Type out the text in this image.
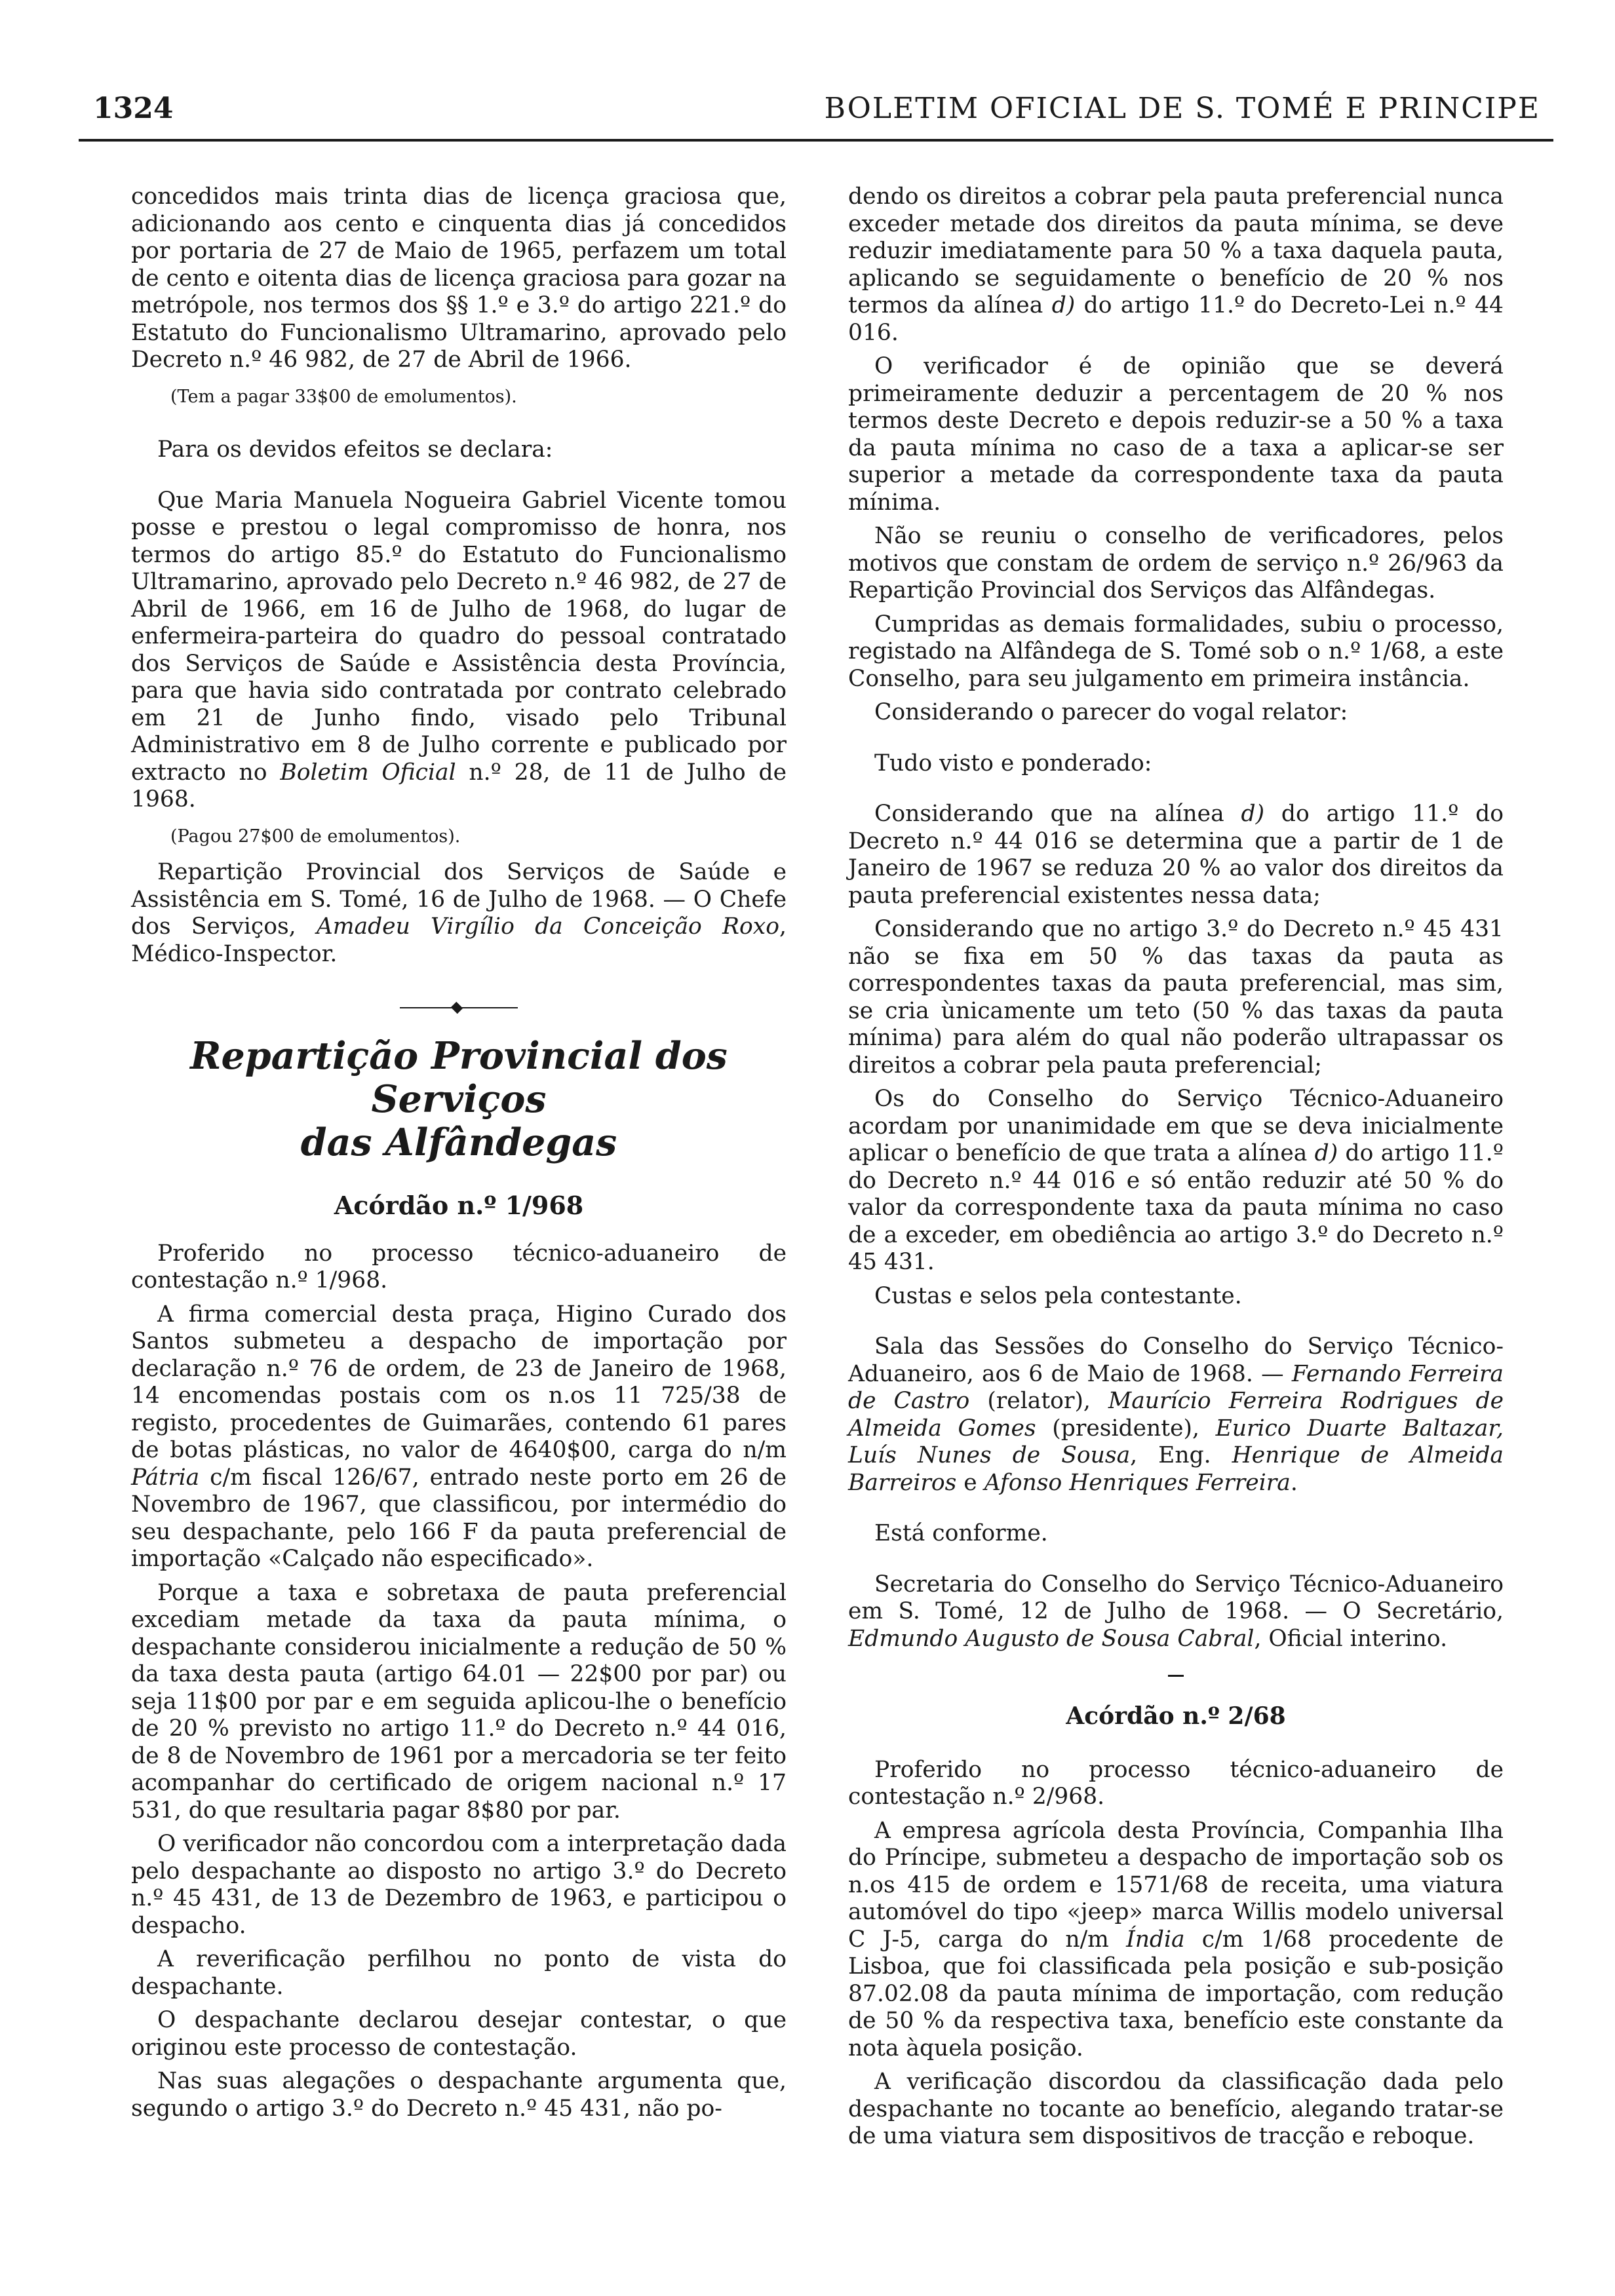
1324	BOLETIM OFICIAL DE S. TOMÉ E PRINCIPE

concedidos mais trinta dias de licença graciosa que, adicionando aos cento e cinquenta dias já concedidos por portaria de 27 de Maio de 1965, perfazem um total de cento e oitenta dias de licença graciosa para gozar na metrópole, nos termos dos §§ 1.º e 3.º do artigo 221.º do Estatuto do Funcionalismo Ultramarino, aprovado pelo Decreto n.º 46 982, de 27 de Abril de 1966.

(Tem a pagar 33$00 de emolumentos).

Para os devidos efeitos se declara:

Que Maria Manuela Nogueira Gabriel Vicente tomou posse e prestou o legal compromisso de honra, nos termos do artigo 85.º do Estatuto do Funcionalismo Ultramarino, aprovado pelo Decreto n.º 46 982, de 27 de Abril de 1966, em 16 de Julho de 1968, do lugar de enfermeira-parteira do quadro do pessoal contratado dos Serviços de Saúde e Assistência desta Província, para que havia sido contratada por contrato celebrado em 21 de Junho findo, visado pelo Tribunal Administrativo em 8 de Julho corrente e publicado por extracto no Boletim Oficial n.º 28, de 11 de Julho de 1968.

(Pagou 27$00 de emolumentos).

Repartição Provincial dos Serviços de Saúde e Assistência em S. Tomé, 16 de Julho de 1968. — O Chefe dos Serviços, Amadeu Virgílio da Conceição Roxo, Médico-Inspector.

Repartição Provincial dos Serviços
das Alfândegas
Acórdão n.º 1/968

Proferido no processo técnico-aduaneiro de contestação n.º 1/968.

A firma comercial desta praça, Higino Curado dos Santos submeteu a despacho de importação por declaração n.º 76 de ordem, de 23 de Janeiro de 1968, 14 encomendas postais com os n.os 11 725/38 de registo, procedentes de Guimarães, contendo 61 pares de botas plásticas, no valor de 4640$00, carga do n/m Pátria c/m fiscal 126/67, entrado neste porto em 26 de Novembro de 1967, que classificou, por intermédio do seu despachante, pelo 166 F da pauta preferencial de importação «Calçado não especificado».

Porque a taxa e sobretaxa de pauta preferencial excediam metade da taxa da pauta mínima, o despachante considerou inicialmente a redução de 50 % da taxa desta pauta (artigo 64.01 — 22$00 por par) ou seja 11$00 por par e em seguida aplicou-lhe o benefício de 20 % previsto no artigo 11.º do Decreto n.º 44 016, de 8 de Novembro de 1961 por a mercadoria se ter feito acompanhar do certificado de origem nacional n.º 17 531, do que resultaria pagar 8$80 por par.

O verificador não concordou com a interpretação dada pelo despachante ao disposto no artigo 3.º do Decreto n.º 45 431, de 13 de Dezembro de 1963, e participou o despacho.

A reverificação perfilhou no ponto de vista do despachante.

O despachante declarou desejar contestar, o que originou este processo de contestação.

Nas suas alegações o despachante argumenta que, segundo o artigo 3.º do Decreto n.º 45 431, não po-

dendo os direitos a cobrar pela pauta preferencial nunca exceder metade dos direitos da pauta mínima, se deve reduzir imediatamente para 50 % a taxa daquela pauta, aplicando se seguidamente o benefício de 20 % nos termos da alínea d) do artigo 11.º do Decreto-Lei n.º 44 016.

O verificador é de opinião que se deverá primeiramente deduzir a percentagem de 20 % nos termos deste Decreto e depois reduzir-se a 50 % a taxa da pauta mínima no caso de a taxa a aplicar-se ser superior a metade da correspondente taxa da pauta mínima.

Não se reuniu o conselho de verificadores, pelos motivos que constam de ordem de serviço n.º 26/963 da Repartição Provincial dos Serviços das Alfândegas.

Cumpridas as demais formalidades, subiu o processo, registado na Alfândega de S. Tomé sob o n.º 1/68, a este Conselho, para seu julgamento em primeira instância.

Considerando o parecer do vogal relator:

Tudo visto e ponderado:

Considerando que na alínea d) do artigo 11.º do Decreto n.º 44 016 se determina que a partir de 1 de Janeiro de 1967 se reduza 20 % ao valor dos direitos da pauta preferencial existentes nessa data;

Considerando que no artigo 3.º do Decreto n.º 45 431 não se fixa em 50 % das taxas da pauta as correspondentes taxas da pauta preferencial, mas sim, se cria ùnicamente um teto (50 % das taxas da pauta mínima) para além do qual não poderão ultrapassar os direitos a cobrar pela pauta preferencial;

Os do Conselho do Serviço Técnico-Aduaneiro acordam por unanimidade em que se deva inicialmente aplicar o benefício de que trata a alínea d) do artigo 11.º do Decreto n.º 44 016 e só então reduzir até 50 % do valor da correspondente taxa da pauta mínima no caso de a exceder, em obediência ao artigo 3.º do Decreto n.º 45 431.

Custas e selos pela contestante.

Sala das Sessões do Conselho do Serviço Técnico-Aduaneiro, aos 6 de Maio de 1968. — Fernando Ferreira de Castro (relator), Maurício Ferreira Rodrigues de Almeida Gomes (presidente), Eurico Duarte Baltazar, Luís Nunes de Sousa, Eng. Henrique de Almeida Barreiros e Afonso Henriques Ferreira.

Está conforme.

Secretaria do Conselho do Serviço Técnico-Aduaneiro em S. Tomé, 12 de Julho de 1968. — O Secretário, Edmundo Augusto de Sousa Cabral, Oficial interino.

Acórdão n.º 2/68

Proferido no processo técnico-aduaneiro de contestação n.º 2/968.

A empresa agrícola desta Província, Companhia Ilha do Príncipe, submeteu a despacho de importação sob os n.os 415 de ordem e 1571/68 de receita, uma viatura automóvel do tipo «jeep» marca Willis modelo universal C J-5, carga do n/m Índia c/m 1/68 procedente de Lisboa, que foi classificada pela posição e sub-posição 87.02.08 da pauta mínima de importação, com redução de 50 % da respectiva taxa, benefício este constante da nota àquela posição.

A verificação discordou da classificação dada pelo despachante no tocante ao benefício, alegando tratar-se de uma viatura sem dispositivos de tracção e reboque.
